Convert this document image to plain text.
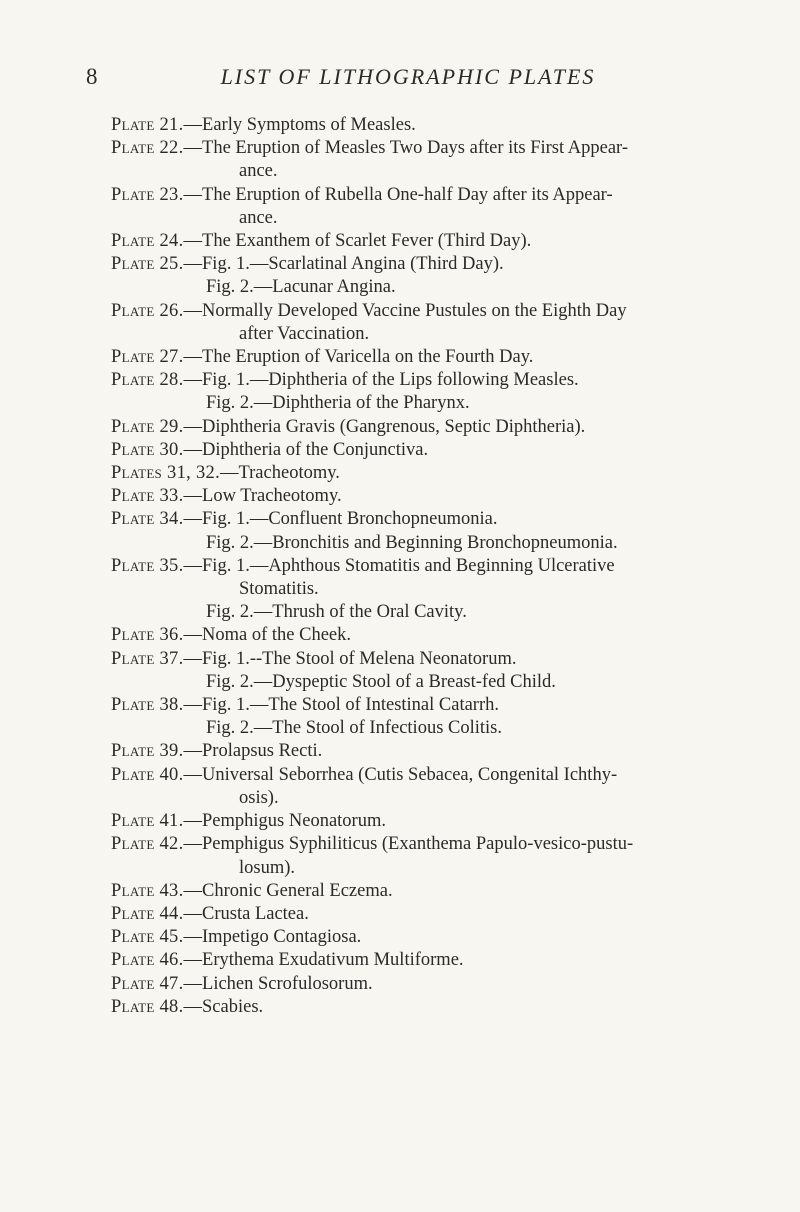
8	LIST OF LITHOGRAPHIC PLATES
Plate 21.—Early Symptoms of Measles.
Plate 22.—The Eruption of Measles Two Days after its First Appear-
ance.
Plate 23.—The Eruption of Rubella One-half Day after its Appear-
ance.
Plate 24.—The Exanthem of Scarlet Fever (Third Day).
Plate 25.—Fig. 1.—Scarlatinal Angina (Third Day).
Fig. 2.—Lacunar Angina.
Plate 26.—Normally Developed Vaccine Pustules on the Eighth Day
after Vaccination.
Plate 27.—The Eruption of Varicella on the Fourth Day.
Plate 28.—Fig. 1.—Diphtheria of the Lips following Measles.
Fig. 2.—Diphtheria of the Pharynx.
Plate 29.—Diphtheria Gravis (Gangrenous, Septic Diphtheria).
Plate 30.—Diphtheria of the Conjunctiva.
Plates 31, 32.—Tracheotomy.
Plate 33.—Low Tracheotomy.
Plate 34.—Fig. 1.—Confluent Bronchopneumonia.
Fig. 2.—Bronchitis and Beginning Bronchopneumonia.
Plate 35.—Fig. 1.—Aphthous Stomatitis and Beginning Ulcerative
Stomatitis.
Fig. 2.—Thrush of the Oral Cavity.
Plate 36.—Noma of the Cheek.
Plate 37.—Fig. 1.--The Stool of Melena Neonatorum.
Fig. 2.—Dyspeptic Stool of a Breast-fed Child.
Plate 38.—Fig. 1.—The Stool of Intestinal Catarrh.
Fig. 2.—The Stool of Infectious Colitis.
Plate 39.—Prolapsus Recti.
Plate 40.—Universal Seborrhea (Cutis Sebacea, Congenital Ichthy-
osis).
Plate 41.—Pemphigus Neonatorum.
Plate 42.—Pemphigus Syphiliticus (Exanthema Papulo-vesico-pustu-
losum).
Plate 43.—Chronic General Eczema.
Plate 44.—Crusta Lactea.
Plate 45.—Impetigo Contagiosa.
Plate 46.—Erythema Exudativum Multiforme.
Plate 47.—Lichen Scrofulosorum.
Plate 48.—Scabies.
